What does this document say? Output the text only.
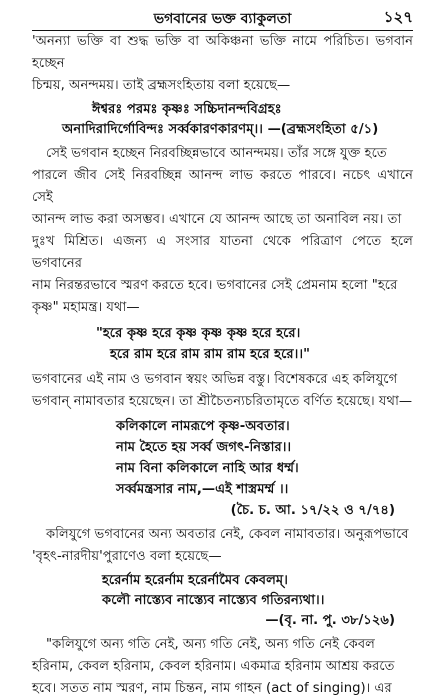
ভগবানের ভক্ত ব্যাকুলতা	১২৭

'অনন্যা ভক্তি বা শুদ্ধ ভক্তি বা অকিঞ্চনা ভক্তি নামে পরিচিত। ভগবান হচ্ছেন

চিন্ময়, অনন্দময়। তাই ব্রহ্মসংহিতায় বলা হয়েছে—

ঈশ্বরঃ পরমঃ কৃষ্ণঃ সচ্চিদানন্দবিগ্রহঃ
অনাদিরাদির্গোবিন্দঃ সর্ব্বকারণকারণম্।। —(ব্রহ্মসংহিতা ৫/১)

সেই ভগবান হচ্ছেন নিরবচ্ছিন্নভাবে আনন্দময়। তাঁর সঙ্গে যুক্ত হতে

পারলে জীব সেই নিরবচ্ছিন্ন আনন্দ লাভ করতে পারবে। নচেৎ এখানে সেই

আনন্দ লাভ করা অসম্ভব। এখানে যে আনন্দ আছে তা অনাবিল নয়। তা

দুঃখ মিশ্রিত। এজন্য এ সংসার যাতনা থেকে পরিত্রাণ পেতে হলে ভগবানের

নাম নিরন্তরভাবে স্মরণ করতে হবে। ভগবানের সেই প্রেমনাম হলো "হরে

কৃষ্ণ" মহামন্ত্র। যথা—

"হরে কৃষ্ণ হরে কৃষ্ণ কৃষ্ণ কৃষ্ণ হরে হরে।

হরে রাম হরে রাম রাম রাম হরে হরে।।"

ভগবানের এই নাম ও ভগবান স্বয়ং অভিন্ন বস্তু। বিশেষকরে এহ কলিযুগে

ভগবান্ নামাবতার হয়েছেন। তা শ্রীচৈতন্যচরিতামৃতে বর্ণিত হয়েছে। যথা—

কলিকালে নামরূপে কৃষ্ণ-অবতার।

নাম হৈতে হয় সর্ব্ব জগৎ-নিস্তার।।

নাম বিনা কলিকালে নাহি আর ধর্ম্ম।

সর্ব্বমন্ত্রসার নাম,—এই শাস্ত্রমর্ম্ম ।।

(চৈ. চ. আ. ১৭/২২ ও ৭/৭৪)

কলিযুগে ভগবানের অন্য অবতার নেই, কেবল নামাবতার। অনুরূপভাবে

'বৃহৎ-নারদীয়'পুরাণেও বলা হয়েছে—

হরের্নাম হরের্নাম হরের্নামৈব কেবলম্।
কলৌ নাস্ত্যেব নাস্ত্যেব নাস্ত্যেব গতিরন্যথা।।
—(বৃ. না. পু. ৩৮/১২৬)

"কলিযুগে অন্য গতি নেই, অন্য গতি নেই, অন্য গতি নেই কেবল

হরিনাম, কেবল হরিনাম, কেবল হরিনাম। একমাত্র হরিনাম আশ্রয় করতে

হবে। সতত নাম স্মরণ, নাম চিন্তন, নাম গাহন (act of singing)। এর
